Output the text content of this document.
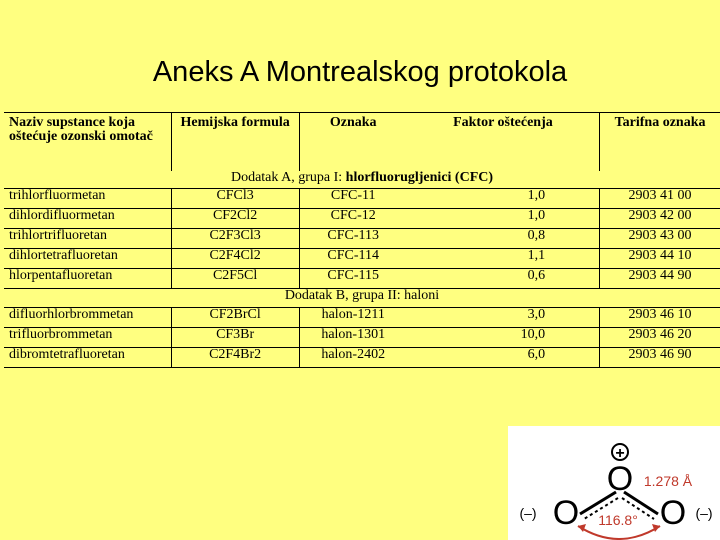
Aneks A Montrealskog protokola
Naziv supstance koja oštećuje ozonski omotač	Hemijska formula	Oznaka	Faktor oštećenja	Tarifna oznaka
Dodatak A, grupa I: hlorfluorugljenici (CFC)				
trihlorfluormetan	CFCl3	CFC-11	1,0	2903 41 00
dihlordifluormetan	CF2Cl2	CFC-12	1,0	2903 42 00
trihlortrifluoretan	C2F3Cl3	CFC-113	0,8	2903 43 00
dihlortetrafluoretan	C2F4Cl2	CFC-114	1,1	2903 44 10
hlorpentafluoretan	C2F5Cl	CFC-115	0,6	2903 44 90
Dodatak B, grupa II: haloni				
difluorhlorbrommetan	CF2BrCl	halon-1211	3,0	2903 46 10
trifluorbrommetan	CF3Br	halon-1301	10,0	2903 46 20
dibromtetrafluoretan	C2F4Br2	halon-2402	6,0	2903 46 90
+
O
O O
(–)	(–)
1.278 Å
116.8°
